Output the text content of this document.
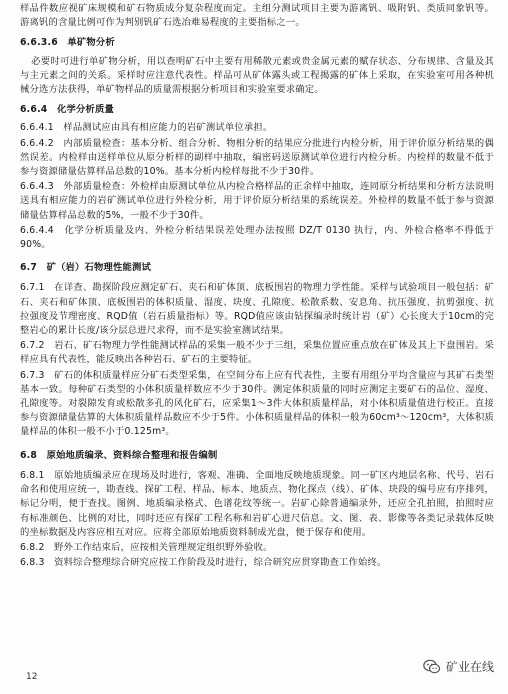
样品件数应视矿床规模和矿石物质成分复杂程度而定。主组分测试项目主要为游离钒、吸附钒、类质同象钒等。游离钒的含量比例可作为判别钒矿石选冶难易程度的主要指标之一。

6.6.3.6　单矿物分析

必要时可进行单矿物分析，用以查明矿石中主要有用稀散元素或贵金属元素的赋存状态、分布规律、含量及其与主元素之间的关系。采样时应注意代表性。样品可从矿体露头或工程揭露的矿体上采取，在实验室可用各种机械分选方法获得，单矿物样品的质量需根据分析项目和实验室要求确定。

6.6.4　化学分析质量

6.6.4.1　样品测试应由具有相应能力的岩矿测试单位承担。

6.6.4.2　内部质量检查：基本分析、组合分析、物相分析的结果应分批进行内检分析，用于评价原分析结果的偶然误差。内检样由送样单位从原分析样的副样中抽取，编密码送原测试单位进行内检分析。内检样的数量不低于参与资源储量估算样品总数的10%。基本分析内检样每批不少于30件。

6.6.4.3　外部质量检查：外检样由原测试单位从内检合格样品的正余样中抽取，连同原分析结果和分析方法说明送具有相应能力的岩矿测试单位进行外检分析，用于评价原分析结果的系统误差。外检样的数量不低于参与资源储量估算样品总数的5%，一般不少于30件。

6.6.4.4　化学分析质量及内、外检分析结果误差处理办法按照 DZ/T 0130 执行，内、外检合格率不得低于 90%。

6.7　矿（岩）石物理性能测试

6.7.1　在详查、勘探阶段应测定矿石、夹石和矿体顶、底板围岩的物理力学性能。采样与试验项目一般包括：矿石、夹石和矿体顶、底板围岩的体积质量、湿度、块度、孔隙度、松散系数、安息角、抗压强度、抗剪强度、抗拉强度及节理密度、RQD值（岩石质量指标）等。RQD值应该由钻探编录时统计岩（矿）心长度大于10cm的完整岩心的累计长度/该分层总进尺求得，而不是实验室测试结果。

6.7.2　岩石、矿石物理力学性能测试样品的采集一般不少于三组，采集位置应重点放在矿体及其上下盘围岩。采样应具有代表性，能反映出各种岩石、矿石的主要特征。

6.7.3　矿石的体积质量样应分矿石类型采集，在空间分布上应有代表性，主要有用组分平均含量应与其矿石类型基本一致。每种矿石类型的小体积质量样数应不少于30件。测定体积质量的同时应测定主要矿石的品位、湿度、孔隙度等。对裂隙发育或松散多孔的风化矿石，应采集1～3件大体积质量样品，对小体积质量值进行校正。直接参与资源储量估算的大体积质量样品数应不少于5件。小体积质量样品的体积一般为60cm³～120cm³，大体积质量样品的体积一般不小于0.125m³。

6.8　原始地质编录、资料综合整理和报告编制

6.8.1　原始地质编录应在现场及时进行，客观、准确、全面地反映地质现象。同一矿区内地层名称、代号、岩石命名和使用应统一，勘查线、探矿工程、样品、标本、地质点、物化探点（线）、矿体、块段的编号应有序排列，标记分明，便于查找。图例、地质编录格式、色谱花纹等统一。岩矿心除普通编录外，还应全孔拍照，拍照时应有标准颜色、比例的对比，同时还应有探矿工程名称和岩矿心进尺信息。文、图、表、影像等各类记录载体反映的坐标数据及内容应相互对应。应将全部原始地质资料制成光盘，便于保存和使用。

6.8.2　野外工作结束后，应按相关管理规定组织野外验收。

6.8.3　资料综合整理综合研究应按工作阶段及时进行，综合研究应贯穿勘查工作始终。

12
矿业在线
